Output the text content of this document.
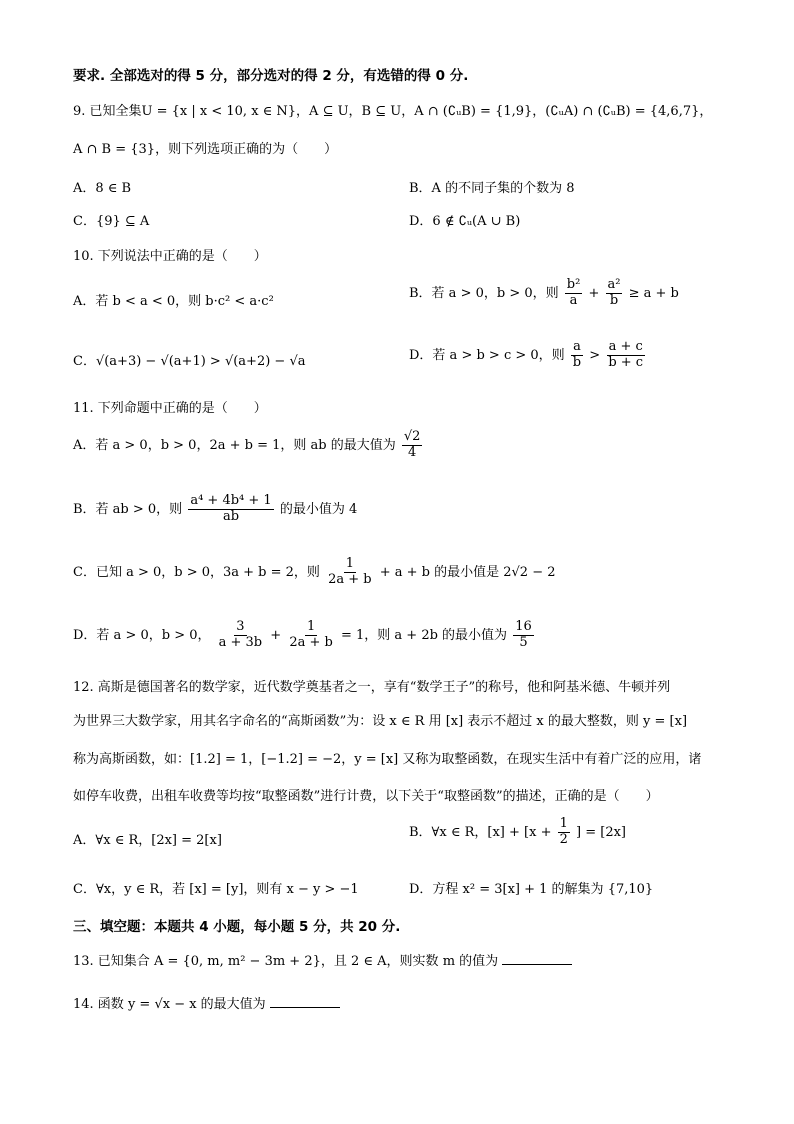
要求. 全部选对的得 5 分，部分选对的得 2 分，有选错的得 0 分.
9. 已知全集U = {x | x < 10, x ∈ N}，A ⊆ U，B ⊆ U，A ∩ (∁ᵤB) = {1,9}，(∁ᵤA) ∩ (∁ᵤB) = {4,6,7}，
A ∩ B = {3}，则下列选项正确的为（　　）
A．8 ∈ B	B．A 的不同子集的个数为 8
C．{9} ⊆ A	D．6 ∉ ∁ᵤ(A ∪ B)
10. 下列说法中正确的是（　　）
A．若 b < a < 0，则 b·c² < a·c²
B．若 a > 0，b > 0，则 $\frac{\text{b²}}{a} + \frac{\text{a²}}{b} \ge a + b$
C．√(a+3) − √(a+1) > √(a+2) − √a	D．若 a > b > c > 0，则 $\frac{a}{b} > \frac{a + c}{b + c}$
11. 下列命题中正确的是（　　）
A．若 a > 0，b > 0，2a + b = 1，则 ab 的最大值为 $\frac{√2}{4}$
B．若 ab > 0，则 $\frac{\text{a⁴ + 4b⁴ + 1}}{ab}$ 的最小值为 4
C．已知 a > 0，b > 0，3a + b = 2，则 $\frac{1}{2a + b} + a + b$ 的最小值是 2√2 − 2
D．若 a > 0，b > 0， $\frac{3}{a + 3b} + \frac{1}{2a + b} = 1$，则 a + 2b 的最小值为 $\frac{16}{5}$
12. 高斯是德国著名的数学家，近代数学奠基者之一，享有“数学王子”的称号，他和阿基米德、牛顿并列
为世界三大数学家，用其名字命名的“高斯函数”为：设 x ∈ R 用 [x] 表示不超过 x 的最大整数，则 y = [x]
称为高斯函数，如：[1.2] = 1，[−1.2] = −2，y = [x] 又称为取整函数，在现实生活中有着广泛的应用，诸
如停车收费，出租车收费等均按“取整函数”进行计费，以下关于“取整函数”的描述，正确的是（　　）
A．∀x ∈ R，[2x] = 2[x]
B．∀x ∈ R，$[x] + [x + \frac{1}{2}$ ] = [2x]
C．∀x，y ∈ R，若 [x] = [y]，则有 x − y > −1	D．方程 x² = 3[x] + 1 的解集为 {7,10}
三、填空题：本题共 4 小题，每小题 5 分，共 20 分.
13. 已知集合 A = {0, m, m² − 3m + 2}，且 2 ∈ A，则实数 m 的值为
14. 函数 y = √x − x 的最大值为
